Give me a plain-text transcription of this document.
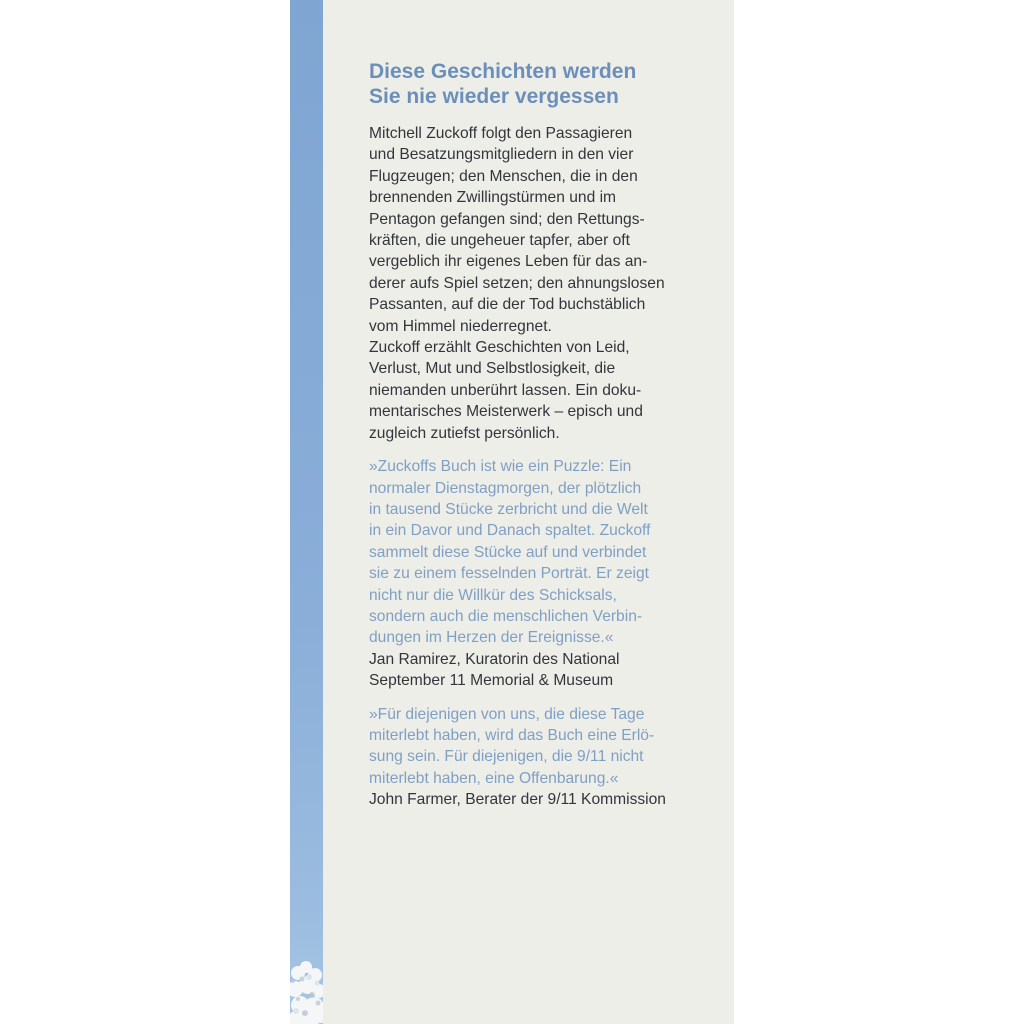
Diese Geschichten werden
Sie nie wieder vergessen

Mitchell Zuckoff folgt den Passagieren
und Besatzungsmitgliedern in den vier
Flugzeugen; den Menschen, die in den
brennenden Zwillingstürmen und im
Pentagon gefangen sind; den Rettungs-
kräften, die ungeheuer tapfer, aber oft
vergeblich ihr eigenes Leben für das an-
derer aufs Spiel setzen; den ahnungslosen
Passanten, auf die der Tod buchstäblich
vom Himmel niederregnet.
Zuckoff erzählt Geschichten von Leid,
Verlust, Mut und Selbstlosigkeit, die
niemanden unberührt lassen. Ein doku-
mentarisches Meisterwerk – episch und
zugleich zutiefst persönlich.

»Zuckoffs Buch ist wie ein Puzzle: Ein
normaler Dienstagmorgen, der plötzlich
in tausend Stücke zerbricht und die Welt
in ein Davor und Danach spaltet. Zuckoff
sammelt diese Stücke auf und verbindet
sie zu einem fesselnden Porträt. Er zeigt
nicht nur die Willkür des Schicksals,
sondern auch die menschlichen Verbin-
dungen im Herzen der Ereignisse.«

Jan Ramirez, Kuratorin des National
September 11 Memorial & Museum

»Für diejenigen von uns, die diese Tage
miterlebt haben, wird das Buch eine Erlö-
sung sein. Für diejenigen, die 9/11 nicht
miterlebt haben, eine Offenbarung.«

John Farmer, Berater der 9/11 Kommission
